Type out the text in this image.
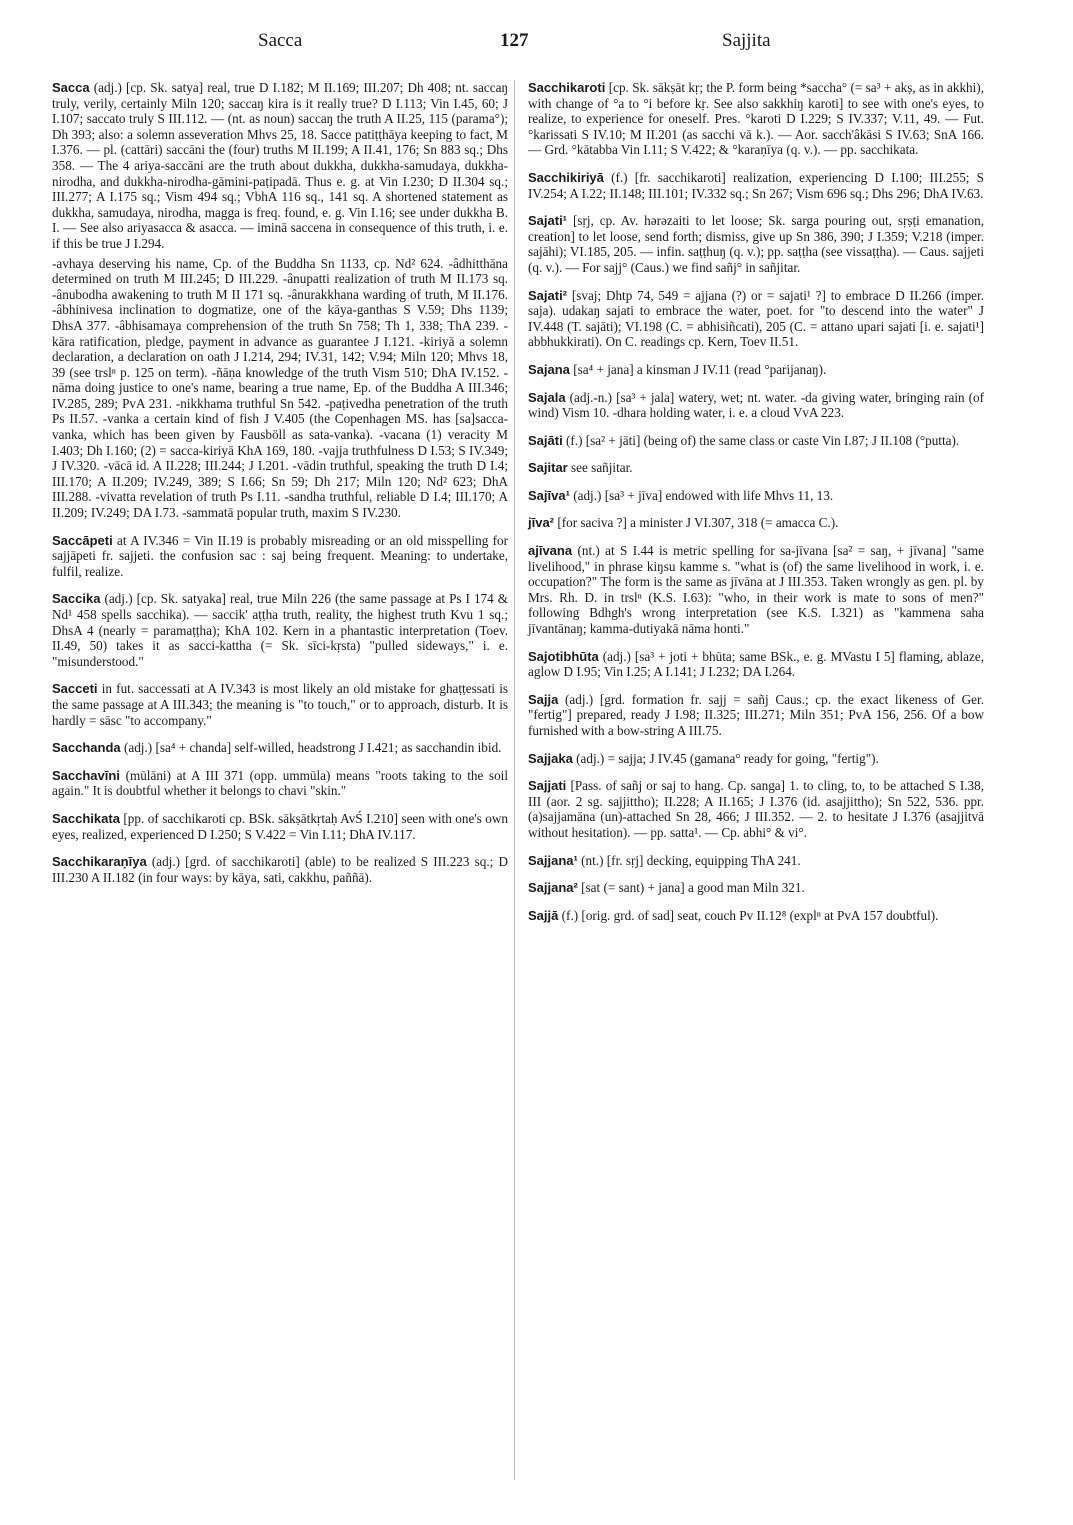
Sacca	127	Sajjita

Sacca (adj.) [cp. Sk. satya] real, true D I.182; M II.169; III.207; Dh 408; nt. saccaŋ truly, verily, certainly Miln 120; saccaŋ kira is it really true? D I.113; Vin I.45, 60; J I.107; saccato truly S III.112. — (nt. as noun) saccaŋ the truth A II.25, 115 (parama°); Dh 393; also: a solemn asseveration Mhvs 25, 18. Sacce patiṭṭhāya keeping to fact, M I.376. — pl. (cattāri) saccāni the (four) truths M II.199; A II.41, 176; Sn 883 sq.; Dhs 358. — The 4 ariya-saccāni are the truth about dukkha, dukkha-samudaya, dukkha-nirodha, and dukkha-nirodha-gāmini-paṭipadā. Thus e. g. at Vin I.230; D II.304 sq.; III.277; A I.175 sq.; Vism 494 sq.; VbhA 116 sq., 141 sq. A shortened statement as dukkha, samudaya, nirodha, magga is freq. found, e. g. Vin I.16; see under dukkha B. I. — See also ariyasacca & asacca. — iminā saccena in consequence of this truth, i. e. if this be true J I.294.

-avhaya deserving his name, Cp. of the Buddha Sn 1133, cp. Nd² 624. -âdhitthāna determined on truth M III.245; D III.229. -ânupatti realization of truth M II.173 sq. -ânubodha awakening to truth M II 171 sq. -ânurakkhana warding of truth, M II.176. -âbhinivesa inclination to dogmatize, one of the kāya-ganthas S V.59; Dhs 1139; DhsA 377. -âbhisamaya comprehension of the truth Sn 758; Th 1, 338; ThA 239. -kāra ratification, pledge, payment in advance as guarantee J I.121. -kiriyā a solemn declaration, a declaration on oath J I.214, 294; IV.31, 142; V.94; Miln 120; Mhvs 18, 39 (see trslⁿ p. 125 on term). -ñāṇa knowledge of the truth Vism 510; DhA IV.152. -nāma doing justice to one's name, bearing a true name, Ep. of the Buddha A III.346; IV.285, 289; PvA 231. -nikkhama truthful Sn 542. -paṭivedha penetration of the truth Ps II.57. -vanka a certain kind of fish J V.405 (the Copenhagen MS. has [sa]sacca-vanka, which has been given by Fausböll as sata-vanka). -vacana (1) veracity M I.403; Dh I.160; (2) = sacca-kiriyā KhA 169, 180. -vajja truthfulness D I.53; S IV.349; J IV.320. -vācā id. A II.228; III.244; J I.201. -vādin truthful, speaking the truth D I.4; III.170; A II.209; IV.249, 389; S I.66; Sn 59; Dh 217; Miln 120; Nd² 623; DhA III.288. -vivatta revelation of truth Ps I.11. -sandha truthful, reliable D I.4; III.170; A II.209; IV.249; DA I.73. -sammatā popular truth, maxim S IV.230.

Saccāpeti at A IV.346 = Vin II.19 is probably misreading or an old misspelling for sajjāpeti fr. sajjeti. the confusion sac : saj being frequent. Meaning: to undertake, fulfil, realize.

Saccika (adj.) [cp. Sk. satyaka] real, true Miln 226 (the same passage at Ps I 174 & Nd¹ 458 spells sacchika). — saccik' aṭṭha truth, reality, the highest truth Kvu 1 sq.; DhsA 4 (nearly = paramaṭṭha); KhA 102. Kern in a phantastic interpretation (Toev. II.49, 50) takes it as sacci-kattha (= Sk. sīci-kṛsta) "pulled sideways," i. e. "misunderstood."

Sacceti in fut. saccessati at A IV.343 is most likely an old mistake for ghaṭṭessati is the same passage at A III.343; the meaning is "to touch," or to approach, disturb. It is hardly = sāsc "to accompany."

Sacchanda (adj.) [sa⁴ + chanda] self-willed, headstrong J I.421; as sacchandin ibid.

Sacchavīni (mūlāni) at A III 371 (opp. ummūla) means "roots taking to the soil again." It is doubtful whether it belongs to chavi "skin."

Sacchikata [pp. of sacchikaroti cp. BSk. sākṣātkṛtaḥ AvŚ I.210] seen with one's own eyes, realized, experienced D I.250; S V.422 = Vin I.11; DhA IV.117.

Sacchikaraṇīya (adj.) [grd. of sacchikaroti] (able) to be realized S III.223 sq.; D III.230 A II.182 (in four ways: by kāya, sati, cakkhu, paññā).

Sacchikaroti [cp. Sk. sākṣāt kṛ; the P. form being *saccha° (= sa³ + akṣ, as in akkhi), with change of °a to °i before kṛ. See also sakkhiŋ karoti] to see with one's eyes, to realize, to experience for oneself. Pres. °karoti D I.229; S IV.337; V.11, 49. — Fut. °karissati S IV.10; M II.201 (as sacchi vā k.). — Aor. sacch'âkāsi S IV.63; SnA 166. — Grd. °kātabba Vin I.11; S V.422; & °karaṇīya (q. v.). — pp. sacchikata.

Sacchikiriyā (f.) [fr. sacchikaroti] realization, experiencing D I.100; III.255; S IV.254; A I.22; II.148; III.101; IV.332 sq.; Sn 267; Vism 696 sq.; Dhs 296; DhA IV.63.

Sajati¹ [sṛj, cp. Av. hərəzaiti to let loose; Sk. sarga pouring out, sṛṣṭi emanation, creation] to let loose, send forth; dismiss, give up Sn 386, 390; J I.359; V.218 (imper. sajāhi); VI.185, 205. — infin. saṭṭhuŋ (q. v.); pp. saṭṭha (see vissaṭṭha). — Caus. sajjeti (q. v.). — For sajj° (Caus.) we find sañj° in sañjitar.

Sajati² [svaj; Dhtp 74, 549 = ajjana (?) or = sajati¹ ?] to embrace D II.266 (imper. saja). udakaŋ sajati to embrace the water, poet. for "to descend into the water" J IV.448 (T. sajāti); VI.198 (C. = abhisiñcati), 205 (C. = attano upari sajati [i. e. sajati¹] abbhukkirati). On C. readings cp. Kern, Toev II.51.

Sajana [sa⁴ + jana] a kinsman J IV.11 (read °parijanaŋ).

Sajala (adj.-n.) [sa³ + jala] watery, wet; nt. water. -da giving water, bringing rain (of wind) Vism 10. -dhara holding water, i. e. a cloud VvA 223.

Sajāti (f.) [sa² + jāti] (being of) the same class or caste Vin I.87; J II.108 (°putta).

Sajitar see sañjitar.

Sajīva¹ (adj.) [sa³ + jīva] endowed with life Mhvs 11, 13.

jīva² [for saciva ?] a minister J VI.307, 318 (= amacca C.).

ajīvana (nt.) at S I.44 is metric spelling for sa-jīvana [sa² = saŋ, + jīvana] "same livelihood," in phrase kiŋsu kamme s. "what is (of) the same livelihood in work, i. e. occupation?" The form is the same as jīvāna at J III.353. Taken wrongly as gen. pl. by Mrs. Rh. D. in trslⁿ (K.S. I.63): "who, in their work is mate to sons of men?" following Bdhgh's wrong interpretation (see K.S. I.321) as "kammena saha jīvantānaŋ; kamma-dutiyakā nāma honti."

Sajotibhūta (adj.) [sa³ + joti + bhūta; same BSk., e. g. MVastu I 5] flaming, ablaze, aglow D I.95; Vin I.25; A I.141; J I.232; DA I.264.

Sajja (adj.) [grd. formation fr. sajj = sañj Caus.; cp. the exact likeness of Ger. "fertig"] prepared, ready J I.98; II.325; III.271; Miln 351; PvA 156, 256. Of a bow furnished with a bow-string A III.75.

Sajjaka (adj.) = sajja; J IV.45 (gamana° ready for going, "fertig").

Sajjati [Pass. of sañj or saj to hang. Cp. sanga] 1. to cling, to, to be attached S I.38, III (aor. 2 sg. sajjittho); II.228; A II.165; J I.376 (id. asajjittho); Sn 522, 536. ppr. (a)sajjamāna (un)-attached Sn 28, 466; J III.352. — 2. to hesitate J I.376 (asajjitvā without hesitation). — pp. satta¹. — Cp. abhi° & vi°.

Sajjana¹ (nt.) [fr. sṛj] decking, equipping ThA 241.

Sajjana² [sat (= sant) + jana] a good man Miln 321.

Sajjā (f.) [orig. grd. of sad] seat, couch Pv II.12⁸ (explⁿ at PvA 157 doubtful).
